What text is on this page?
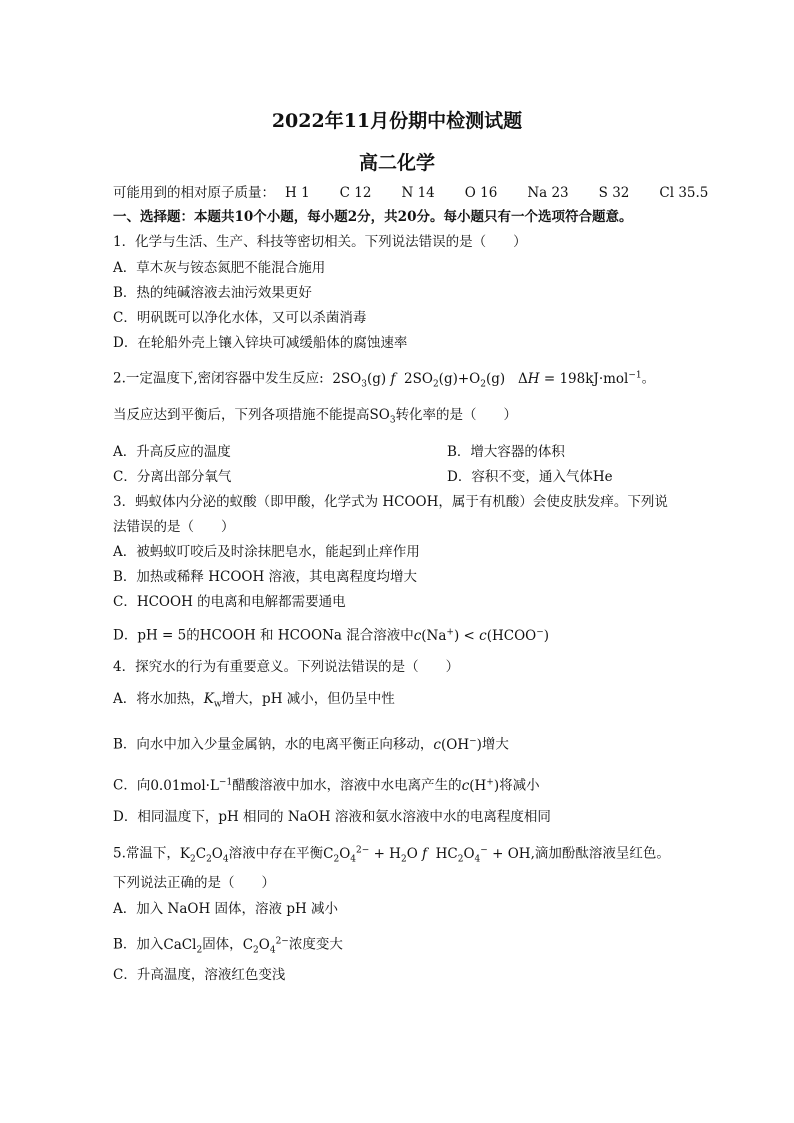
2022年11月份期中检测试题
高二化学
可能用到的相对原子质量： H 1 C 12 N 14 O 16 Na 23 S 32 Cl 35.5
一、选择题：本题共10个小题，每小题2分，共20分。每小题只有一个选项符合题意。
1．化学与生活、生产、科技等密切相关。下列说法错误的是（　　）
A．草木灰与铵态氮肥不能混合施用
B．热的纯碱溶液去油污效果更好
C．明矾既可以净化水体，又可以杀菌消毒
D．在轮船外壳上镶入锌块可减缓船体的腐蚀速率
2.一定温度下,密闭容器中发生反应:  $2SO_3(g)$ f  $2SO_2(g)+O_2(g) \Delta H = 198kJ\cdot mol^{-1}$。
当反应达到平衡后，下列各项措施不能提高$SO_3$转化率的是（　　）
A．升高反应的温度	B．增大容器的体积
C．分离出部分氧气	D．容积不变，通入气体He
3．蚂蚁体内分泌的蚁酸（即甲酸，化学式为 HCOOH，属于有机酸）会使皮肤发痒。下列说
法错误的是（　　）
A．被蚂蚁叮咬后及时涂抹肥皂水，能起到止痒作用
B．加热或稀释 HCOOH 溶液，其电离程度均增大
C．HCOOH 的电离和电解都需要通电
D．pH = 5的HCOOH 和 HCOONa 混合溶液中c(Na+) < c(HCOO−)
4．探究水的行为有重要意义。下列说法错误的是（　　）
A．将水加热，$K_w$增大，pH 减小，但仍呈中性
B．向水中加入少量金属钠，水的电离平衡正向移动，c(OH−)增大
C．向$0.01mol\cdot L^{-1}$醋酸溶液中加水，溶液中水电离产生的c(H+)将减小
D．相同温度下，pH 相同的 NaOH 溶液和氨水溶液中水的电离程度相同
5.常温下，$K_2C_2O_4$溶液中存在平衡$C_2O_4^{2-} + H_2O$ f  $HC_2O_4^-$ + OH,滴加酚酞溶液呈红色。
下列说法正确的是（　　）
A．加入 NaOH 固体，溶液 pH 减小
B．加入CaCl$_2$固体，$C_2O_4^{2-}$浓度变大
C．升高温度，溶液红色变浅
